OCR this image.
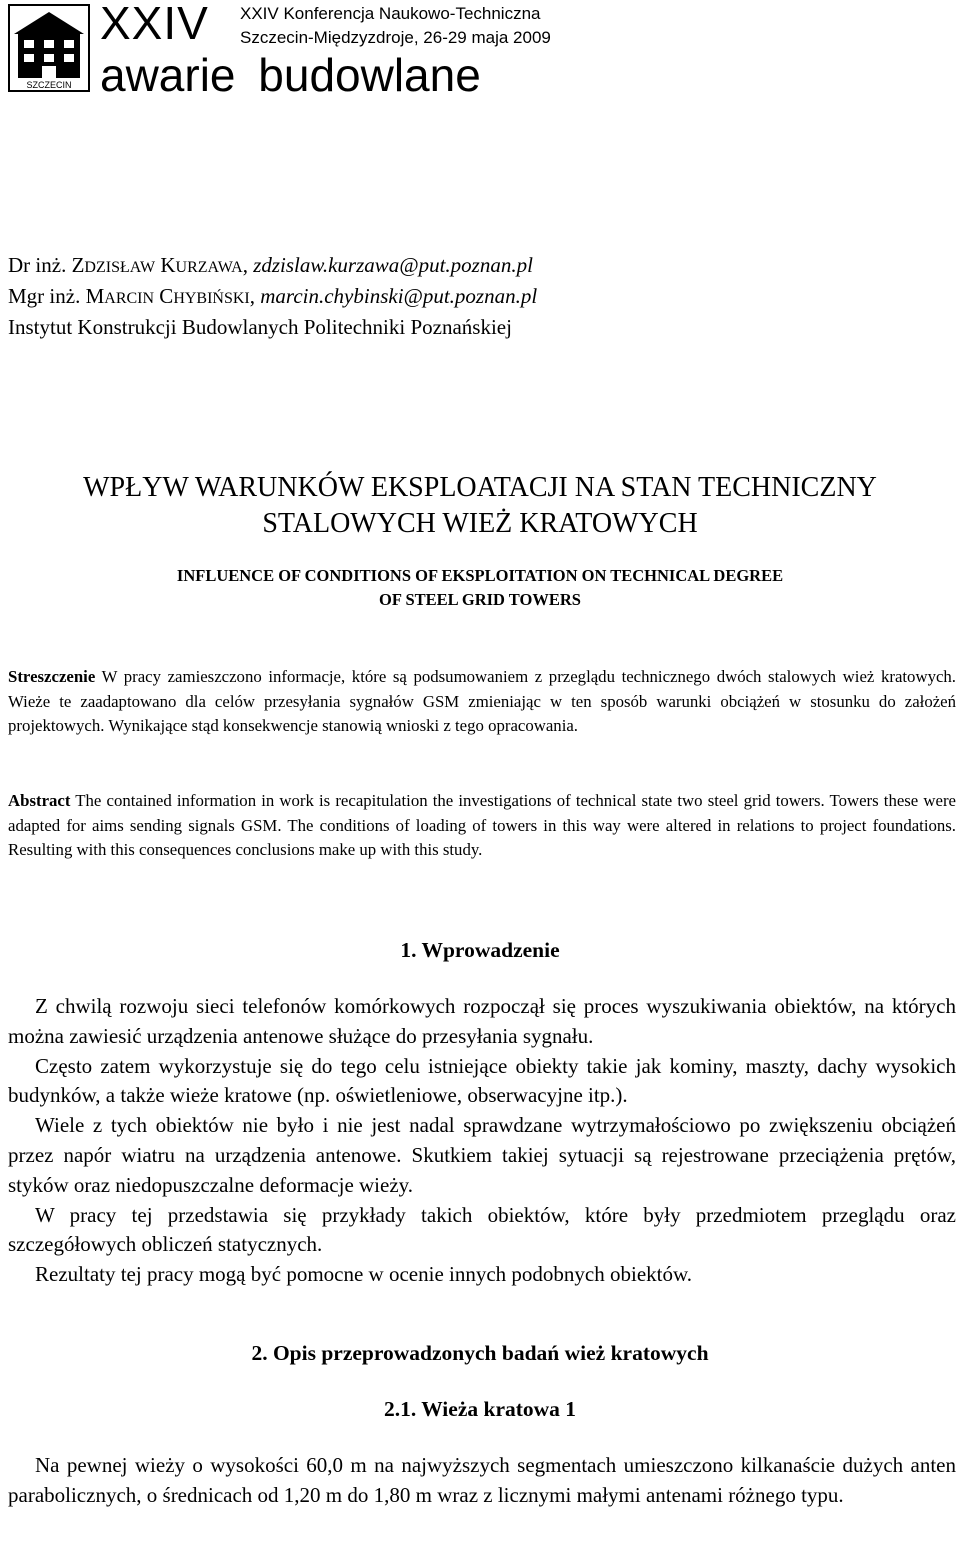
SZCZECIN
XXIV XXIV Konferencja Naukowo-Techniczna
Szczecin-Międzyzdroje, 26-29 maja 2009
awarie budowlane
Dr inż. ZDZISŁAW KURZAWA, zdzislaw.kurzawa@put.poznan.pl
Mgr inż. MARCIN CHYBIŃSKI, marcin.chybinski@put.poznan.pl
Instytut Konstrukcji Budowlanych Politechniki Poznańskiej
WPŁYW WARUNKÓW EKSPLOATACJI NA STAN TECHNICZNY
STALOWYCH WIEŻ KRATOWYCH
INFLUENCE OF CONDITIONS OF EKSPLOITATION ON TECHNICAL DEGREE
OF STEEL GRID TOWERS
Streszczenie W pracy zamieszczono informacje, które są podsumowaniem z przeglądu technicznego dwóch stalowych wież kratowych. Wieże te zaadaptowano dla celów przesyłania sygnałów GSM zmieniając w ten sposób warunki obciążeń w stosunku do założeń projektowych. Wynikające stąd konsekwencje stanowią wnioski z tego opracowania.
Abstract The contained information in work is recapitulation the investigations of technical state two steel grid towers. Towers these were adapted for aims sending signals GSM. The conditions of loading of towers in this way were altered in relations to project foundations. Resulting with this consequences conclusions make up with this study.
1. Wprowadzenie

Z chwilą rozwoju sieci telefonów komórkowych rozpoczął się proces wyszukiwania obiektów, na których można zawiesić urządzenia antenowe służące do przesyłania sygnału.

Często zatem wykorzystuje się do tego celu istniejące obiekty takie jak kominy, maszty, dachy wysokich budynków, a także wieże kratowe (np. oświetleniowe, obserwacyjne itp.).

Wiele z tych obiektów nie było i nie jest nadal sprawdzane wytrzymałościowo po zwiększeniu obciążeń przez napór wiatru na urządzenia antenowe. Skutkiem takiej sytuacji są rejestrowane przeciążenia prętów, styków oraz niedopuszczalne deformacje wieży.

W pracy tej przedstawia się przykłady takich obiektów, które były przedmiotem przeglądu oraz szczegółowych obliczeń statycznych.

Rezultaty tej pracy mogą być pomocne w ocenie innych podobnych obiektów.

2. Opis przeprowadzonych badań wież kratowych
2.1. Wieża kratowa 1

Na pewnej wieży o wysokości 60,0 m na najwyższych segmentach umieszczono kilkanaście dużych anten parabolicznych, o średnicach od 1,20 m do 1,80 m wraz z licznymi małymi antenami różnego typu.
